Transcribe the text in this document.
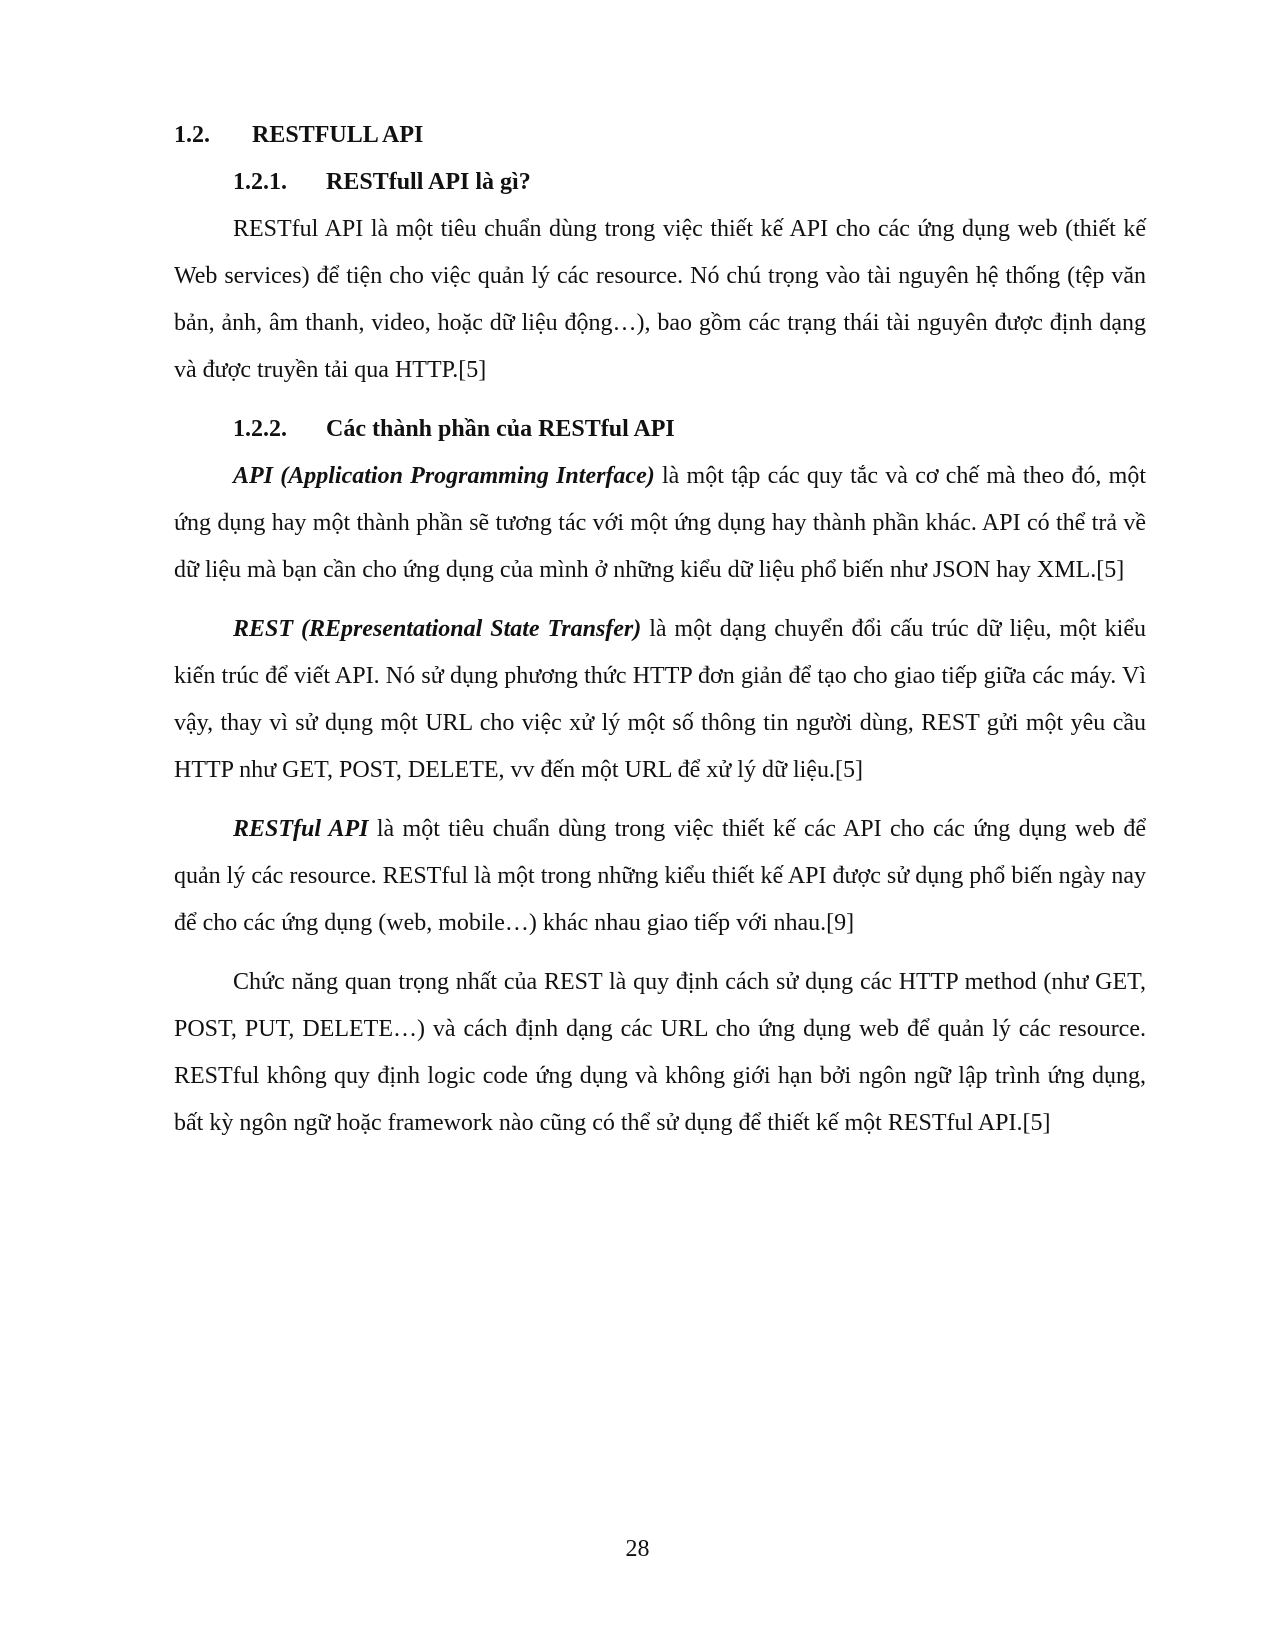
1.2.	RESTFULL API
1.2.1.	RESTfull API là gì?

RESTful API là một tiêu chuẩn dùng trong việc thiết kế API cho các ứng dụng web (thiết kế Web services) để tiện cho việc quản lý các resource. Nó chú trọng vào tài nguyên hệ thống (tệp văn bản, ảnh, âm thanh, video, hoặc dữ liệu động…), bao gồm các trạng thái tài nguyên được định dạng và được truyền tải qua HTTP.[5]

1.2.2.	Các thành phần của RESTful API

API (Application Programming Interface) là một tập các quy tắc và cơ chế mà theo đó, một ứng dụng hay một thành phần sẽ tương tác với một ứng dụng hay thành phần khác. API có thể trả về dữ liệu mà bạn cần cho ứng dụng của mình ở những kiểu dữ liệu phổ biến như JSON hay XML.[5]

REST (REpresentational State Transfer) là một dạng chuyển đổi cấu trúc dữ liệu, một kiểu kiến trúc để viết API. Nó sử dụng phương thức HTTP đơn giản để tạo cho giao tiếp giữa các máy. Vì vậy, thay vì sử dụng một URL cho việc xử lý một số thông tin người dùng, REST gửi một yêu cầu HTTP như GET, POST, DELETE, vv đến một URL để xử lý dữ liệu.[5]

RESTful API là một tiêu chuẩn dùng trong việc thiết kế các API cho các ứng dụng web để quản lý các resource. RESTful là một trong những kiểu thiết kế API được sử dụng phổ biến ngày nay để cho các ứng dụng (web, mobile…) khác nhau giao tiếp với nhau.[9]

Chức năng quan trọng nhất của REST là quy định cách sử dụng các HTTP method (như GET, POST, PUT, DELETE…) và cách định dạng các URL cho ứng dụng web để quản lý các resource. RESTful không quy định logic code ứng dụng và không giới hạn bởi ngôn ngữ lập trình ứng dụng, bất kỳ ngôn ngữ hoặc framework nào cũng có thể sử dụng để thiết kế một RESTful API.[5]

28
